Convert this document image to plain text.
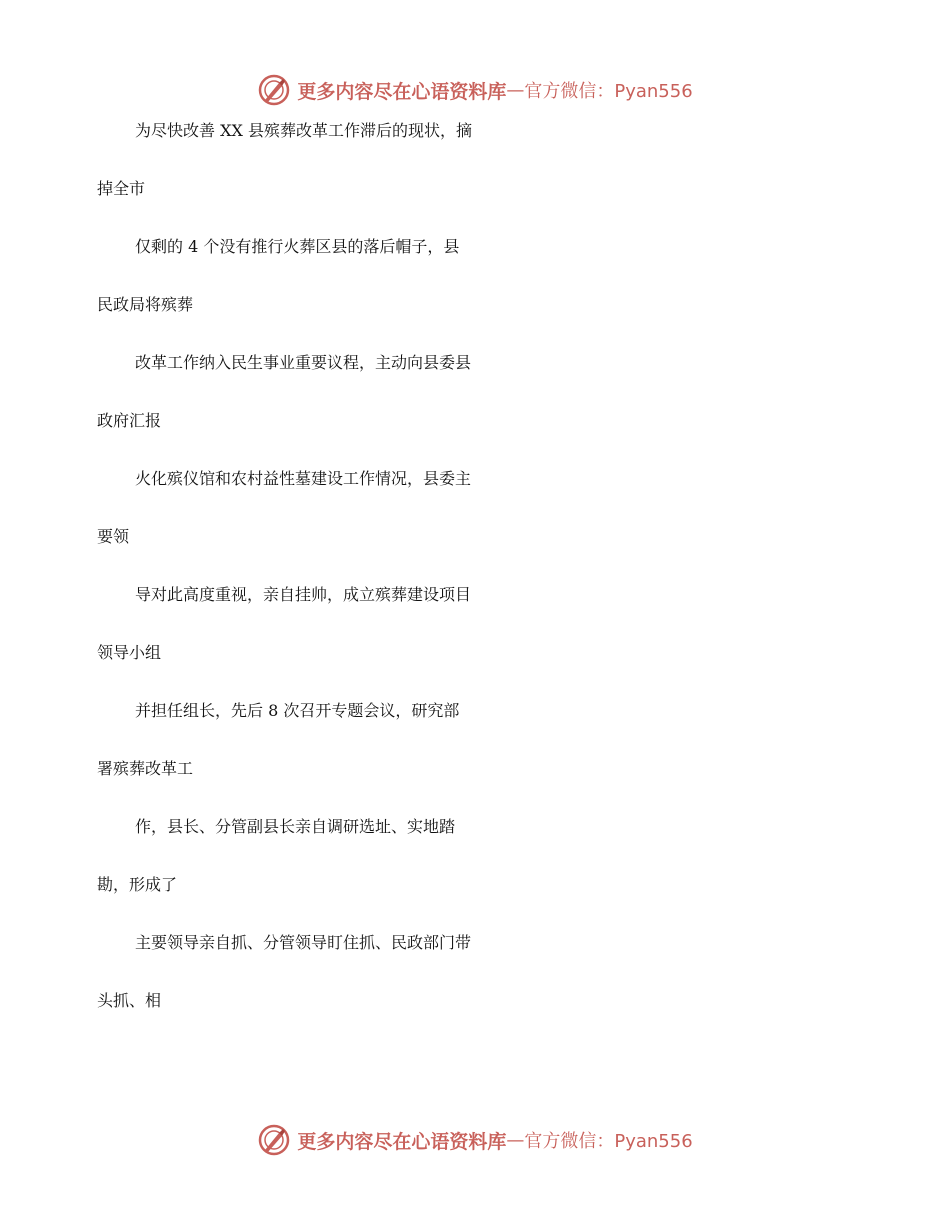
更多内容尽在心语资料库 — 官方微信：Pyan556
为尽快改善 XX 县殡葬改革工作滞后的现状，摘
掉全市
仅剩的 4 个没有推行火葬区县的落后帽子，县
民政局将殡葬
改革工作纳入民生事业重要议程，主动向县委县
政府汇报
火化殡仪馆和农村益性墓建设工作情况，县委主
要领
导对此高度重视，亲自挂帅，成立殡葬建设项目
领导小组
并担任组长，先后 8 次召开专题会议，研究部
署殡葬改革工
作，县长、分管副县长亲自调研选址、实地踏
勘，形成了
主要领导亲自抓、分管领导盯住抓、民政部门带
头抓、相
更多内容尽在心语资料库 — 官方微信：Pyan556
